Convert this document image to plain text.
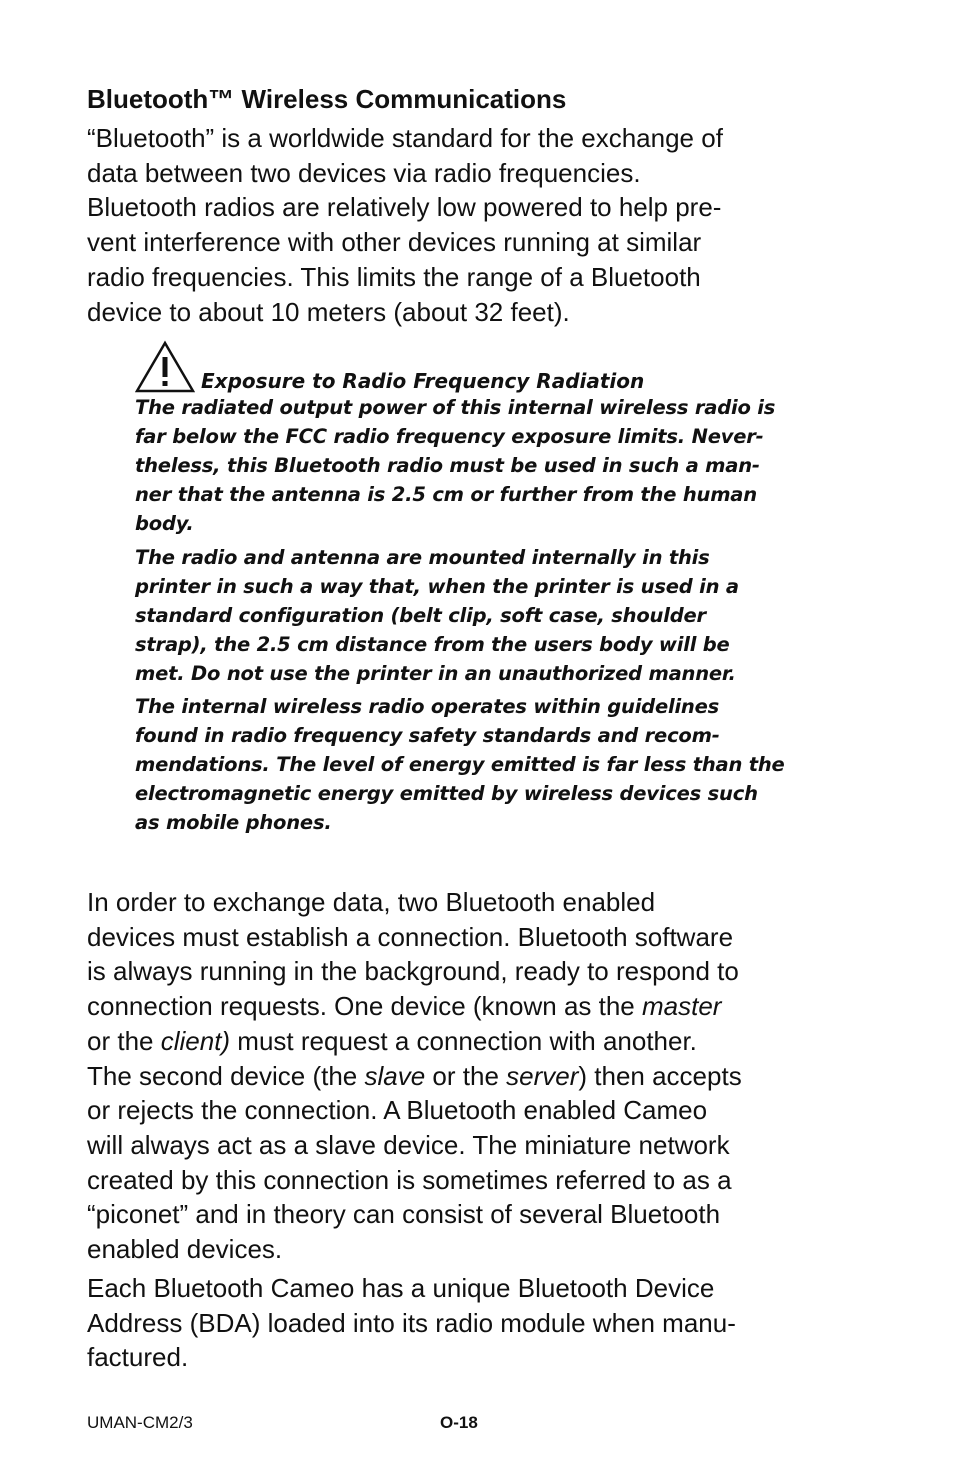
Bluetooth™ Wireless Communications

“Bluetooth” is a worldwide standard for the exchange of
data between two devices via radio frequencies.
Bluetooth radios are relatively low powered to help pre-
vent interference with other devices running at similar
radio frequencies. This limits the range of a Bluetooth
device to about 10 meters (about 32 feet).

Exposure to Radio Frequency Radiation

The radiated output power of this internal wireless radio is
far below the FCC radio frequency exposure limits. Never-
theless, this Bluetooth radio must be used in such a man-
ner that the antenna is 2.5 cm or further from the human
body.

The radio and antenna are mounted internally in this
printer in such a way that, when the printer is used in a
standard configuration (belt clip, soft case, shoulder
strap), the 2.5 cm distance from the users body will be
met. Do not use the printer in an unauthorized manner.

The internal wireless radio operates within guidelines
found in radio frequency safety standards and recom-
mendations. The level of energy emitted is far less than the
electromagnetic energy emitted by wireless devices such
as mobile phones.

In order to exchange data, two Bluetooth enabled
devices must establish a connection. Bluetooth software
is always running in the background, ready to respond to
connection requests. One device (known as the master
or the client) must request a connection with another.
The second device (the slave or the server) then accepts
or rejects the connection. A Bluetooth enabled Cameo
will always act as a slave device. The miniature network
created by this connection is sometimes referred to as a
“piconet” and in theory can consist of several Bluetooth
enabled devices.

Each Bluetooth Cameo has a unique Bluetooth Device
Address (BDA) loaded into its radio module when manu-
factured.

UMAN-CM2/3	O-18
